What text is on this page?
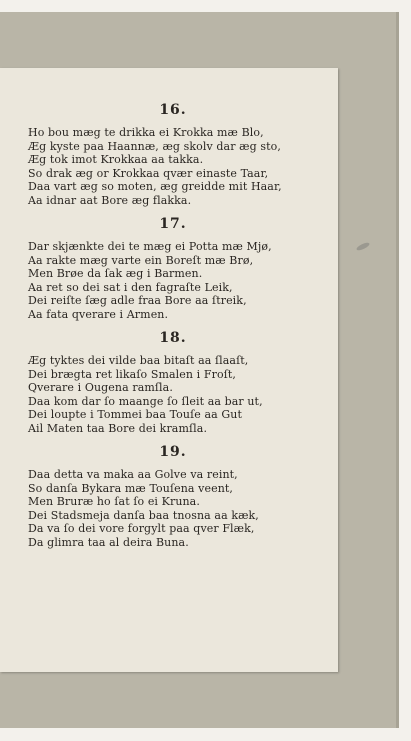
16.
Ho bou mæg te drikka ei Krokka mæ Blo,
Æg kyste paa Haannæ, æg skolv dar æg sto,
Æg tok imot Krokkaa aa takka.
So drak æg or Krokkaa qvær einaste Taar,
Daa vart æg so moten, æg greidde mit Haar,
Aa idnar aat Bore æg flakka.
17.
Dar skjænkte dei te mæg ei Potta mæ Mjø,
Aa rakte mæg varte ein Boreſt mæ Brø,
Men Brøe da ſak æg i Barmen.
Aa ret so dei sat i den fagraſte Leik,
Dei reiſte ſæg adle fraa Bore aa ſtreik,
Aa fata qverare i Armen.
18.
Æg tyktes dei vilde baa bitaſt aa ſlaaſt,
Dei brægta ret likaſo Smalen i Froſt,
Qverare i Ougena ramſla.
Daa kom dar ſo maange ſo ſleit aa bar ut,
Dei loupte i Tommei baa Touſe aa Gut
Ail Maten taa Bore dei kramſla.
19.
Daa detta va maka aa Golve va reint,
So danſa Bykara mæ Touſena veent,
Men Bruræ ho ſat ſo ei Kruna.
Dei Stadsmeja danſa baa tnosna aa kæk,
Da va ſo dei vore forgylt paa qver Flæk,
Da glimra taa al deira Buna.
